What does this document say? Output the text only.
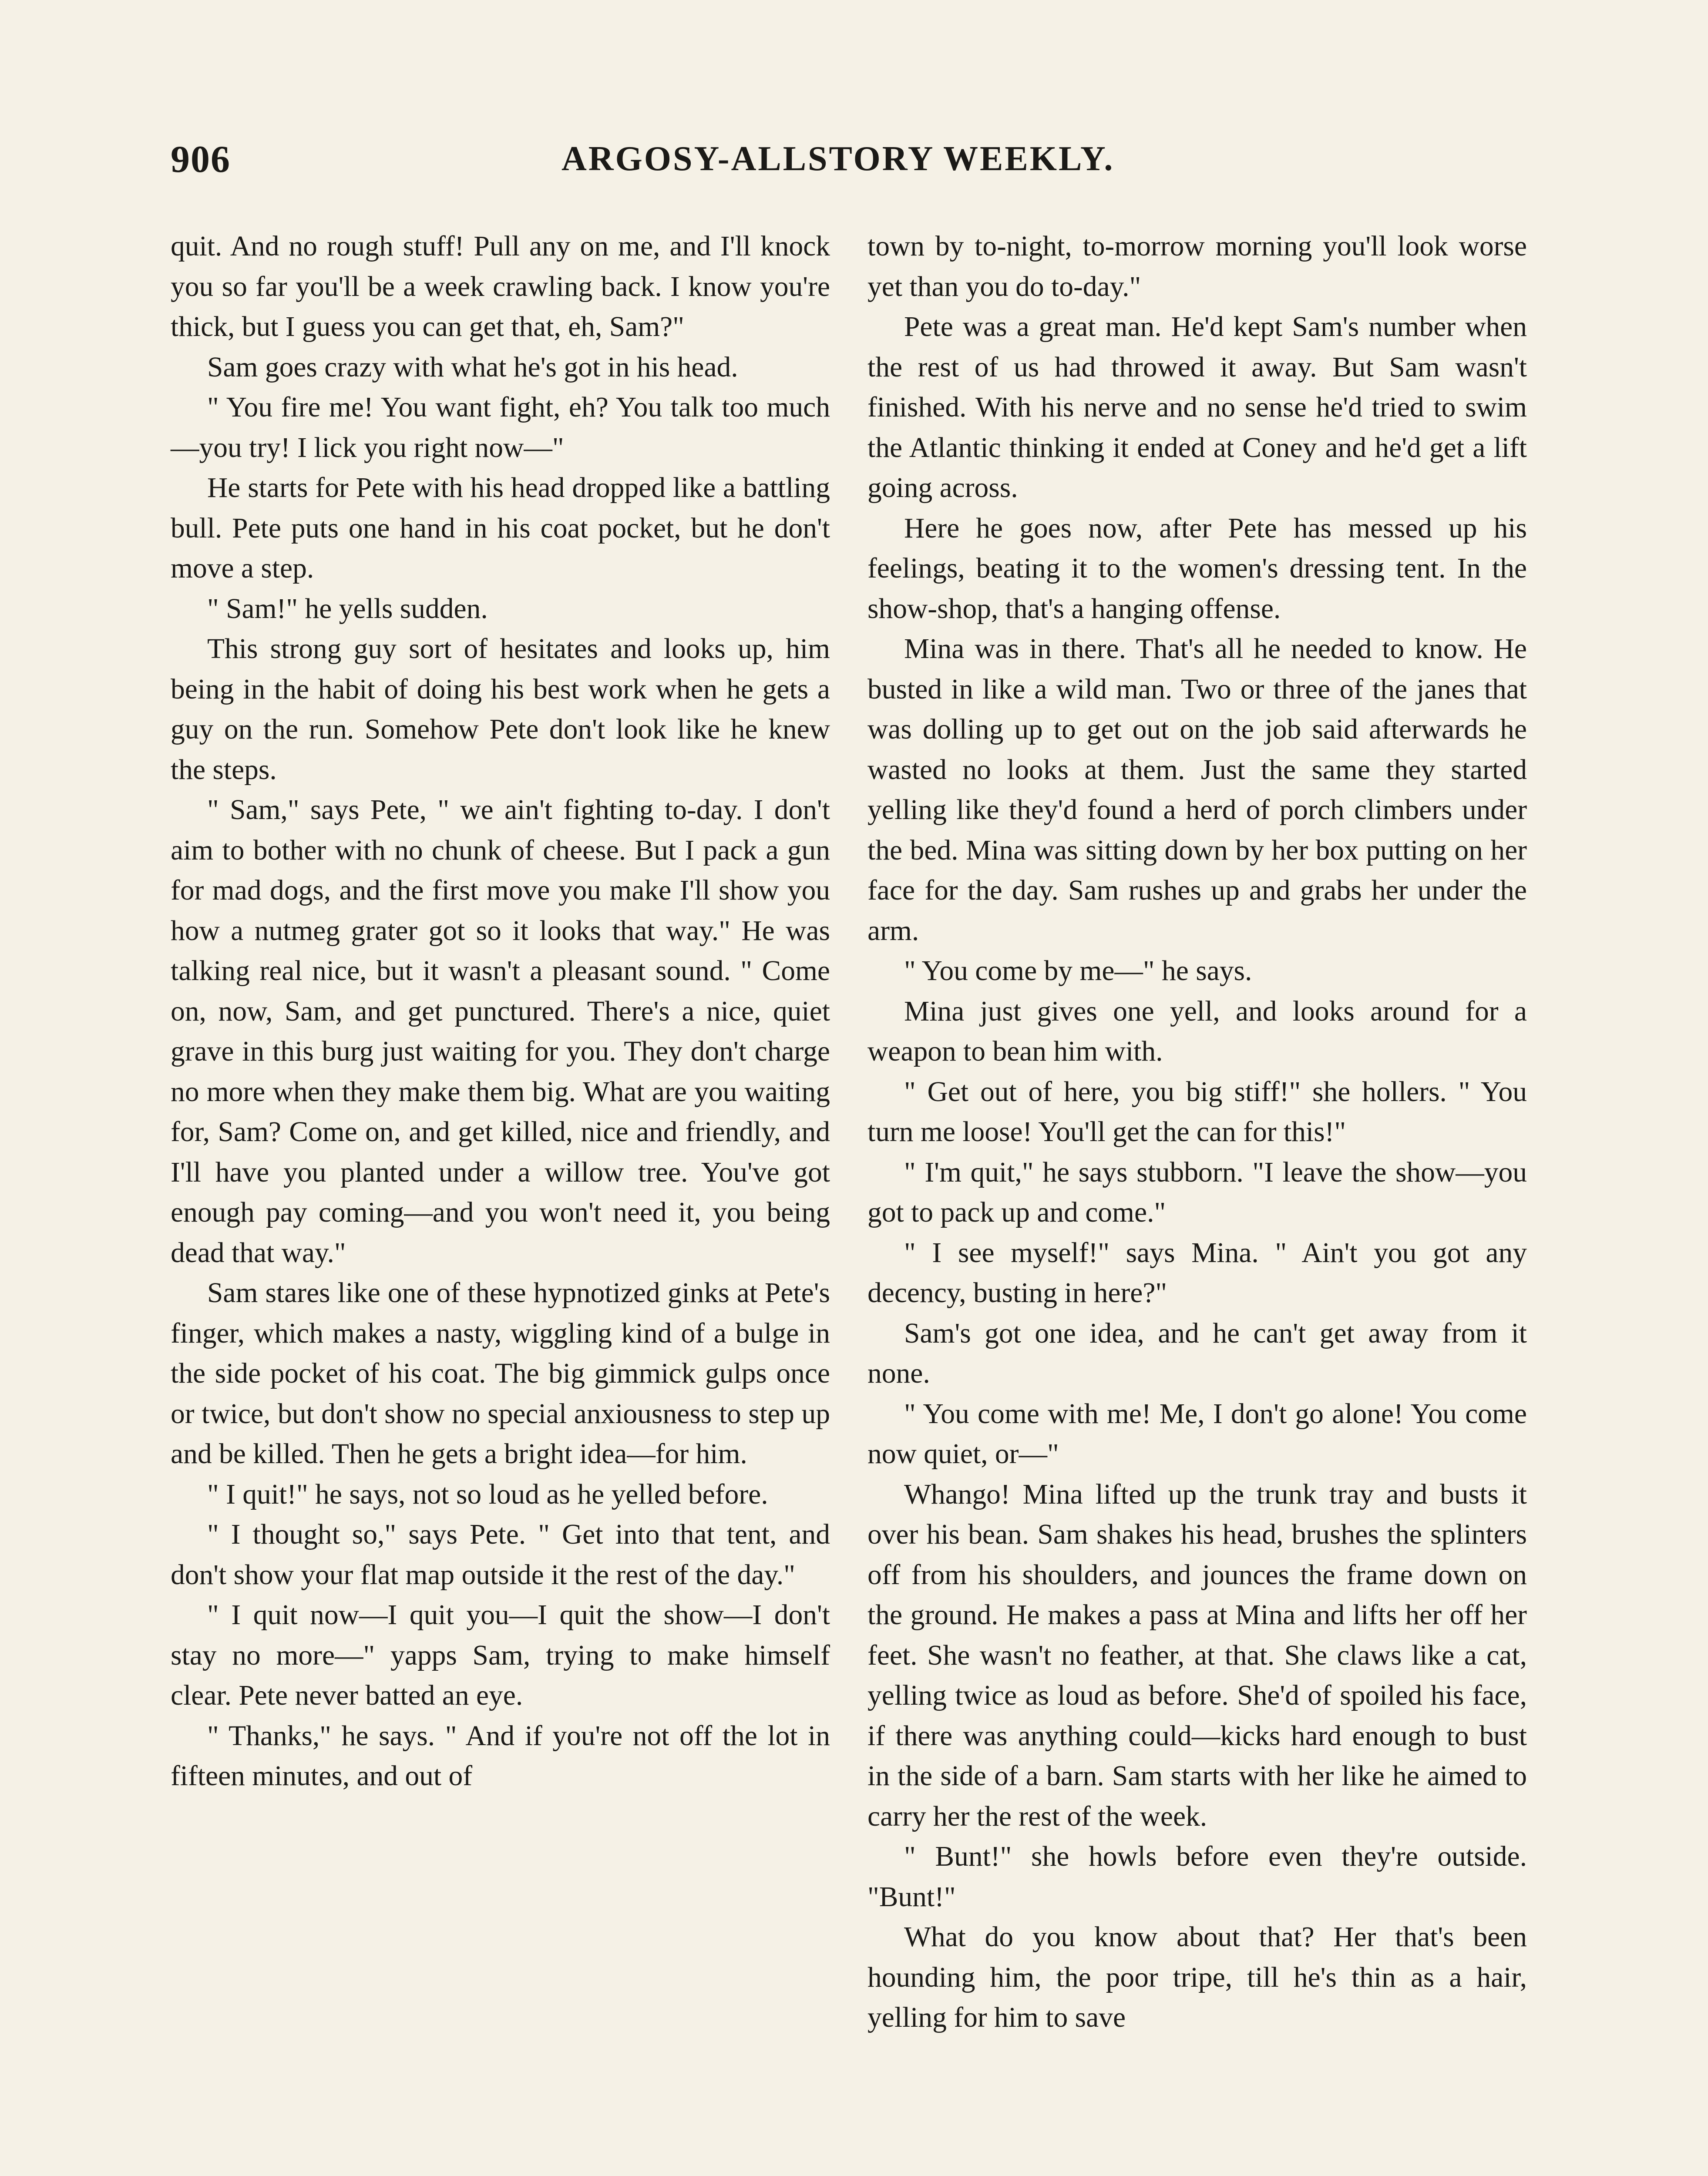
906	ARGOSY-ALLSTORY WEEKLY.

quit. And no rough stuff! Pull any on me, and I'll knock you so far you'll be a week crawling back. I know you're thick, but I guess you can get that, eh, Sam?"

Sam goes crazy with what he's got in his head.

" You fire me! You want fight, eh? You talk too much—you try! I lick you right now—"

He starts for Pete with his head dropped like a battling bull. Pete puts one hand in his coat pocket, but he don't move a step.

" Sam!" he yells sudden.

This strong guy sort of hesitates and looks up, him being in the habit of doing his best work when he gets a guy on the run. Somehow Pete don't look like he knew the steps.

" Sam," says Pete, " we ain't fighting to-day. I don't aim to bother with no chunk of cheese. But I pack a gun for mad dogs, and the first move you make I'll show you how a nutmeg grater got so it looks that way." He was talking real nice, but it wasn't a pleasant sound. " Come on, now, Sam, and get punctured. There's a nice, quiet grave in this burg just waiting for you. They don't charge no more when they make them big. What are you waiting for, Sam? Come on, and get killed, nice and friendly, and I'll have you planted under a willow tree. You've got enough pay coming—and you won't need it, you being dead that way."

Sam stares like one of these hypnotized ginks at Pete's finger, which makes a nasty, wiggling kind of a bulge in the side pocket of his coat. The big gimmick gulps once or twice, but don't show no special anxiousness to step up and be killed. Then he gets a bright idea—for him.

" I quit!" he says, not so loud as he yelled before.

" I thought so," says Pete. " Get into that tent, and don't show your flat map outside it the rest of the day."

" I quit now—I quit you—I quit the show—I don't stay no more—" yapps Sam, trying to make himself clear. Pete never batted an eye.

" Thanks," he says. " And if you're not off the lot in fifteen minutes, and out of

town by to-night, to-morrow morning you'll look worse yet than you do to-day."

Pete was a great man. He'd kept Sam's number when the rest of us had throwed it away. But Sam wasn't finished. With his nerve and no sense he'd tried to swim the Atlantic thinking it ended at Coney and he'd get a lift going across.

Here he goes now, after Pete has messed up his feelings, beating it to the women's dressing tent. In the show-shop, that's a hanging offense.

Mina was in there. That's all he needed to know. He busted in like a wild man. Two or three of the janes that was dolling up to get out on the job said afterwards he wasted no looks at them. Just the same they started yelling like they'd found a herd of porch climbers under the bed. Mina was sitting down by her box putting on her face for the day. Sam rushes up and grabs her under the arm.

" You come by me—" he says.

Mina just gives one yell, and looks around for a weapon to bean him with.

" Get out of here, you big stiff!" she hollers. " You turn me loose! You'll get the can for this!"

" I'm quit," he says stubborn. "I leave the show—you got to pack up and come."

" I see myself!" says Mina. " Ain't you got any decency, busting in here?"

Sam's got one idea, and he can't get away from it none.

" You come with me! Me, I don't go alone! You come now quiet, or—"

Whango! Mina lifted up the trunk tray and busts it over his bean. Sam shakes his head, brushes the splinters off from his shoulders, and jounces the frame down on the ground. He makes a pass at Mina and lifts her off her feet. She wasn't no feather, at that. She claws like a cat, yelling twice as loud as before. She'd of spoiled his face, if there was anything could—kicks hard enough to bust in the side of a barn. Sam starts with her like he aimed to carry her the rest of the week.

" Bunt!" she howls before even they're outside. "Bunt!"

What do you know about that? Her that's been hounding him, the poor tripe, till he's thin as a hair, yelling for him to save
